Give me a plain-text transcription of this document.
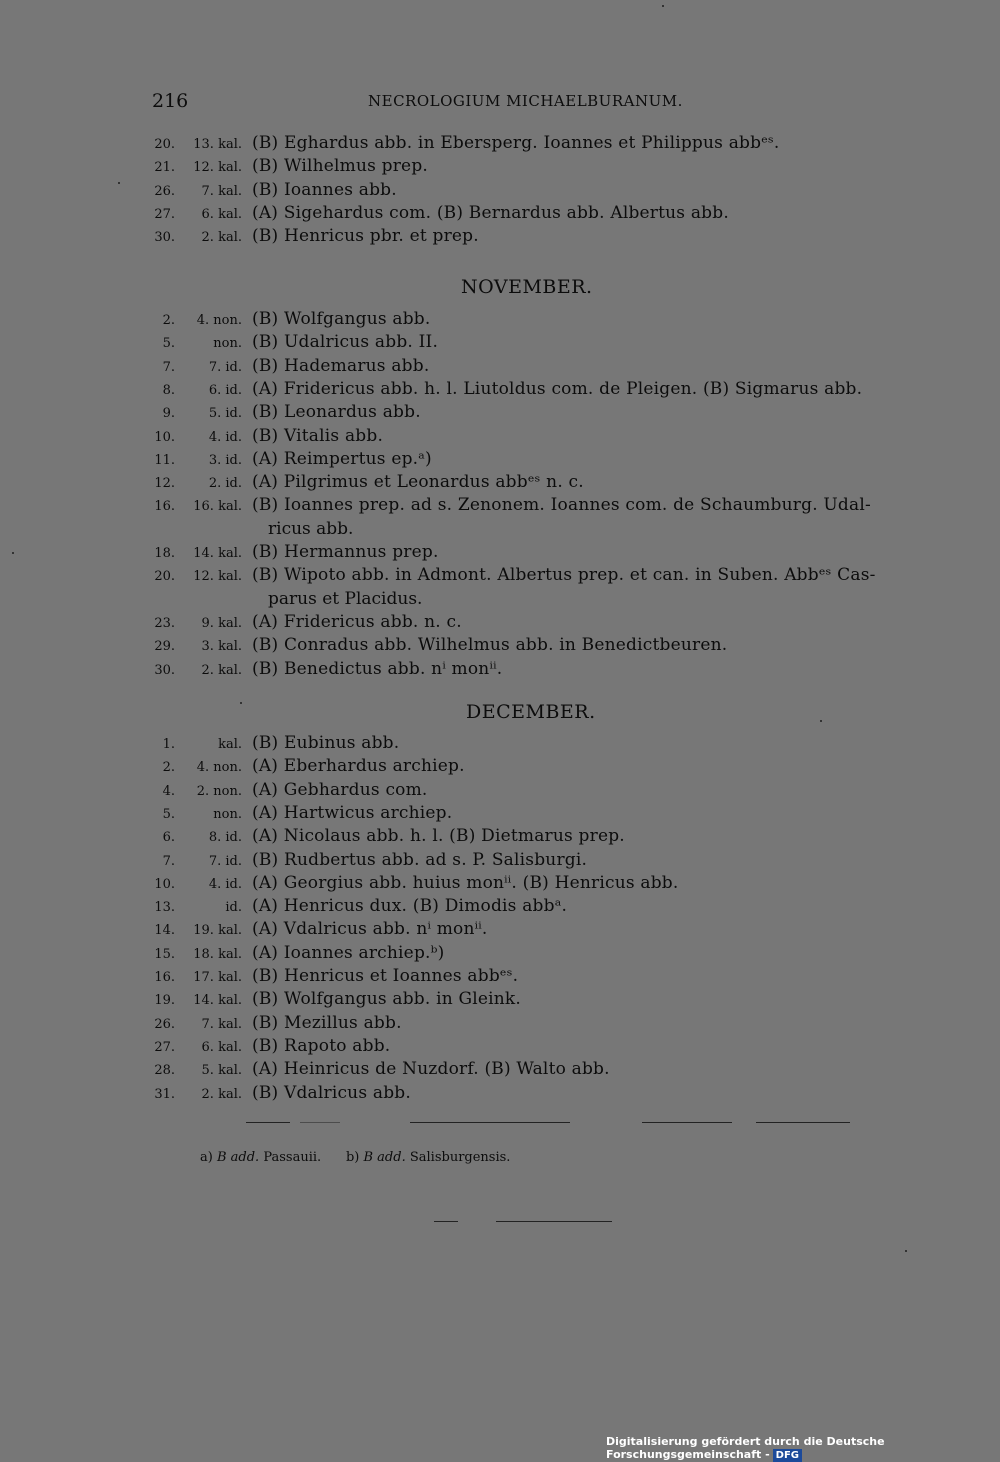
216	NECROLOGIUM MICHAELBURANUM.
20.	13. kal. (B) Eghardus abb. in Ebersperg. Ioannes et Philippus abbᵉˢ.
21.	12. kal. (B) Wilhelmus prep.
26.	7. kal. (B) Ioannes abb.
27.	6. kal. (A) Sigehardus com. (B) Bernardus abb. Albertus abb.
30.	2. kal. (B) Henricus pbr. et prep.
NOVEMBER.
2.	4. non. (B) Wolfgangus abb.
5.	non. (B) Udalricus abb. II.
7.	7. id. (B) Hademarus abb.
8.	6. id. (A) Fridericus abb. h. l. Liutoldus com. de Pleigen. (B) Sigmarus abb.
9.	5. id. (B) Leonardus abb.
10.	4. id. (B) Vitalis abb.
11.	3. id. (A) Reimpertus ep.ᵃ)
12.	2. id. (A) Pilgrimus et Leonardus abbᵉˢ n. c.
16.	16. kal. (B) Ioannes prep. ad s. Zenonem. Ioannes com. de Schaumburg. Udal-
ricus abb.
18.	14. kal. (B) Hermannus prep.
20.	12. kal. (B) Wipoto abb. in Admont. Albertus prep. et can. in Suben. Abbᵉˢ Cas-
parus et Placidus.
23.	9. kal. (A) Fridericus abb. n. c.
29.	3. kal. (B) Conradus abb. Wilhelmus abb. in Benedictbeuren.
30.	2. kal. (B) Benedictus abb. nⁱ monⁱⁱ.
DECEMBER.
1.	kal. (B) Eubinus abb.
2.	4. non. (A) Eberhardus archiep.
4.	2. non. (A) Gebhardus com.
5.	non. (A) Hartwicus archiep.
6.	8. id. (A) Nicolaus abb. h. l. (B) Dietmarus prep.
7.	7. id. (B) Rudbertus abb. ad s. P. Salisburgi.
10.	4. id. (A) Georgius abb. huius monⁱⁱ. (B) Henricus abb.
13.	id. (A) Henricus dux. (B) Dimodis abbᵃ.
14.	19. kal. (A) Vdalricus abb. nⁱ monⁱⁱ.
15.	18. kal. (A) Ioannes archiep.ᵇ)
16.	17. kal. (B) Henricus et Ioannes abbᵉˢ.
19.	14. kal. (B) Wolfgangus abb. in Gleink.
26.	7. kal. (B) Mezillus abb.
27.	6. kal. (B) Rapoto abb.
28.	5. kal. (A) Heinricus de Nuzdorf. (B) Walto abb.
31.	2. kal. (B) Vdalricus abb.
a) B add. Passauii. b) B add. Salisburgensis.
Digitalisierung gefördert durch die Deutsche Forschungsgemeinschaft - DFG
